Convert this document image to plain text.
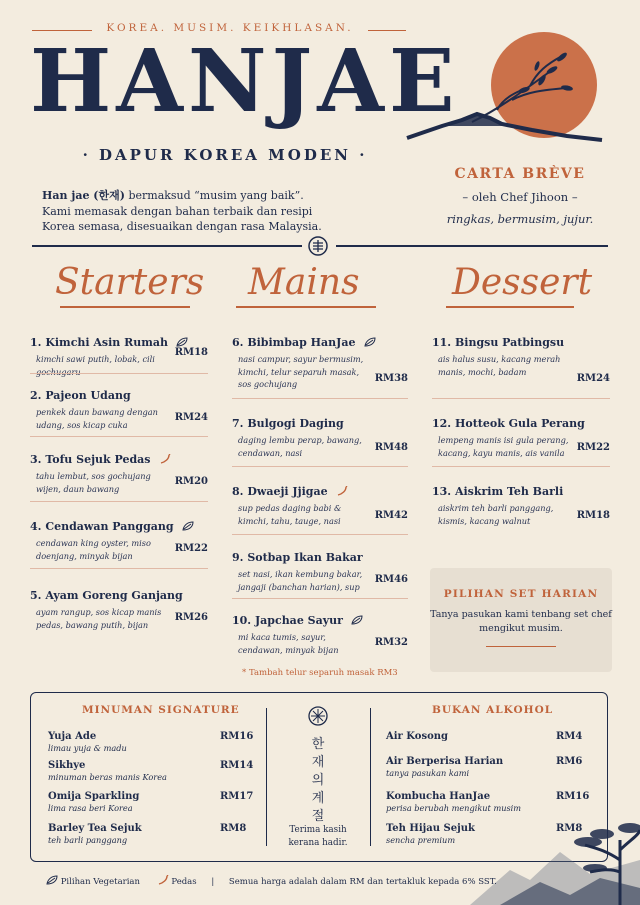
KOREA. MUSIM. KEIKHLASAN.
HANJAE
· DAPUR KOREA MODEN ·
Han jae (한재) bermaksud “musim yang baik”.
Kami memasak dengan bahan terbaik dan resipi Korea semasa, disesuaikan dengan rasa Malaysia.
CARTA BRÈVE
– oleh Chef Jihoon –
ringkas, bermusim, jujur.
Starters Mains	Dessert
1. Kimchi Asin Rumah
kimchi sawi putih, lobak, cili gochugaru
RM18
2. Pajeon Udang
penkek daun bawang dengan udang, sos kicap cuka
RM24
3. Tofu Sejuk Pedas
tahu lembut, sos gochujang wijen, daun bawang
RM20
4. Cendawan Panggang
cendawan king oyster, miso doenjang, minyak bijan
RM22
5. Ayam Goreng Ganjang
ayam rangup, sos kicap manis pedas, bawang putih, bijan
RM26
6. Bibimbap HanJae
nasi campur, sayur bermusim, kimchi, telur separuh masak, sos gochujang	RM38
7. Bulgogi Daging
daging lembu perap, bawang, cendawan, nasi	RM48
8. Dwaeji Jjigae
sup pedas daging babi & kimchi, tahu, tauge, nasi	RM42
9. Sotbap Ikan Bakar
set nasi, ikan kembung bakar, jangaji (banchan harian), sup
RM46
10. Japchae Sayur
mi kaca tumis, sayur, cendawan, minyak bijan
RM32
* Tambah telur separuh masak RM3
11. Bingsu Patbingsu
ais halus susu, kacang merah manis, mochi, badam
RM24
12. Hotteok Gula Perang
lempeng manis isi gula perang, kacang, kayu manis, ais vanila	RM22
13. Aiskrim Teh Barli
aiskrim teh barli panggang, kismis, kacang walnut	RM18
PILIHAN SET HARIAN
Tanya pasukan kami tenbang set chef mengikut musim.
MINUMAN SIGNATURE
Yuja Ade
limau yuja & madu
RM16
Sikhye
minuman beras manis Korea
RM14
Omija Sparkling
lima rasa beri Korea
RM17
Barley Tea Sejuk
teh barli panggang
RM8
한
재
의
계
절
Terima kasih kerana hadir.
BUKAN ALKOHOL
Air Kosong	RM4
Air Berperisa Harian
tanya pasukan kami
RM6
Kombucha HanJae
perisa berubah mengikut musim
RM16
Teh Hijau Sejuk
sencha premium
RM8
Pilihan Vegetarian	Pedas | Semua harga adalah dalam RM dan tertakluk kepada 6% SST.
